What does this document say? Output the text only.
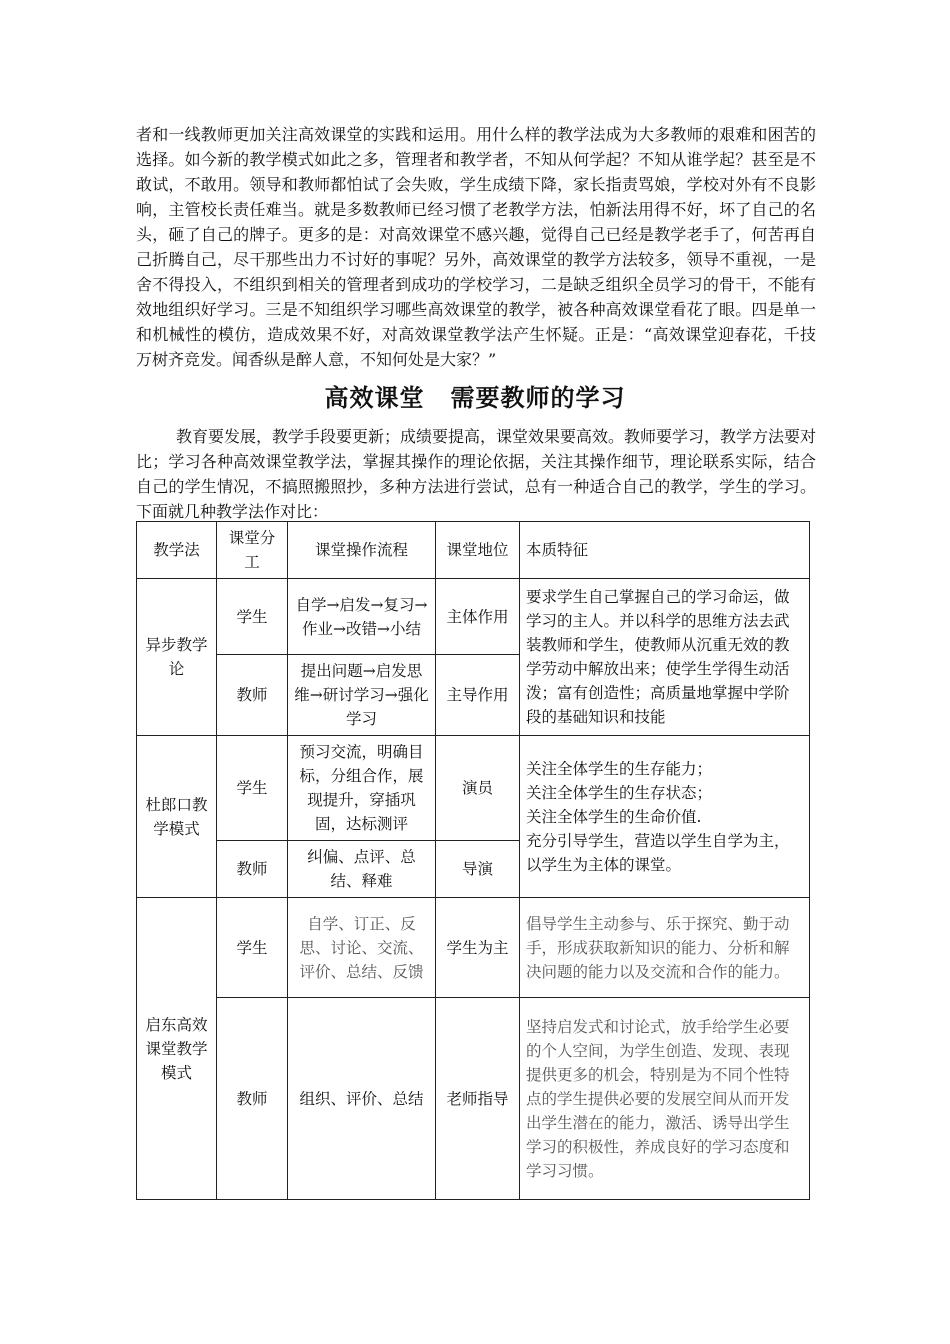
者和一线教师更加关注高效课堂的实践和运用。用什么样的教学法成为大多教师的艰难和困苦的选择。如今新的教学模式如此之多，管理者和教学者，不知从何学起？不知从谁学起？甚至是不敢试，不敢用。领导和教师都怕试了会失败，学生成绩下降，家长指责骂娘，学校对外有不良影响，主管校长责任难当。就是多数教师已经习惯了老教学方法，怕新法用得不好，坏了自己的名头，砸了自己的牌子。更多的是：对高效课堂不感兴趣，觉得自己已经是教学老手了，何苦再自己折腾自己，尽干那些出力不讨好的事呢？另外，高效课堂的教学方法较多，领导不重视，一是舍不得投入，不组织到相关的管理者到成功的学校学习，二是缺乏组织全员学习的骨干，不能有效地组织好学习。三是不知组织学习哪些高效课堂的教学，被各种高效课堂看花了眼。四是单一和机械性的模仿，造成效果不好，对高效课堂教学法产生怀疑。正是：“高效课堂迎春花，千技万树齐竞发。闻香纵是醉人意，不知何处是大家？”

高效课堂 需要教师的学习

教育要发展，教学手段要更新；成绩要提高，课堂效果要高效。教师要学习，教学方法要对比；学习各种高效课堂教学法，掌握其操作的理论依据，关注其操作细节，理论联系实际，结合自己的学生情况，不搞照搬照抄，多种方法进行尝试，总有一种适合自己的教学，学生的学习。下面就几种教学法作对比：

教学法	课堂分工	课堂操作流程	课堂地位	本质特征
异步教学论	学生	自学→启发→复习→作业→改错→小结	主体作用	要求学生自己掌握自己的学习命运，做学习的主人。并以科学的思维方法去武装教师和学生，使教师从沉重无效的教学劳动中解放出来；使学生学得生动活泼；富有创造性；高质量地掌握中学阶段的基础知识和技能
	教师	提出问题→启发思维→研讨学习→强化学习	主导作用	
杜郎口教学模式	学生	预习交流，明确目标，分组合作，展现提升，穿插巩固，达标测评	演员	关注全体学生的生存能力；
关注全体学生的生存状态；
关注全体学生的生命价值.
充分引导学生，营造以学生自学为主，以学生为主体的课堂。

	教师	纠偏、点评、总结、释难	导演	
启东高效课堂教学模式	学生	自学、订正、反思、讨论、交流、评价、总结、反馈	学生为主	倡导学生主动参与、乐于探究、勤于动手，形成获取新知识的能力、分析和解决问题的能力以及交流和合作的能力。
	教师	组织、评价、总结	老师指导	坚持启发式和讨论式，放手给学生必要的个人空间，为学生创造、发现、表现提供更多的机会，特别是为不同个性特点的学生提供必要的发展空间从而开发出学生潜在的能力，激活、诱导出学生学习的积极性，养成良好的学习态度和学习习惯。
